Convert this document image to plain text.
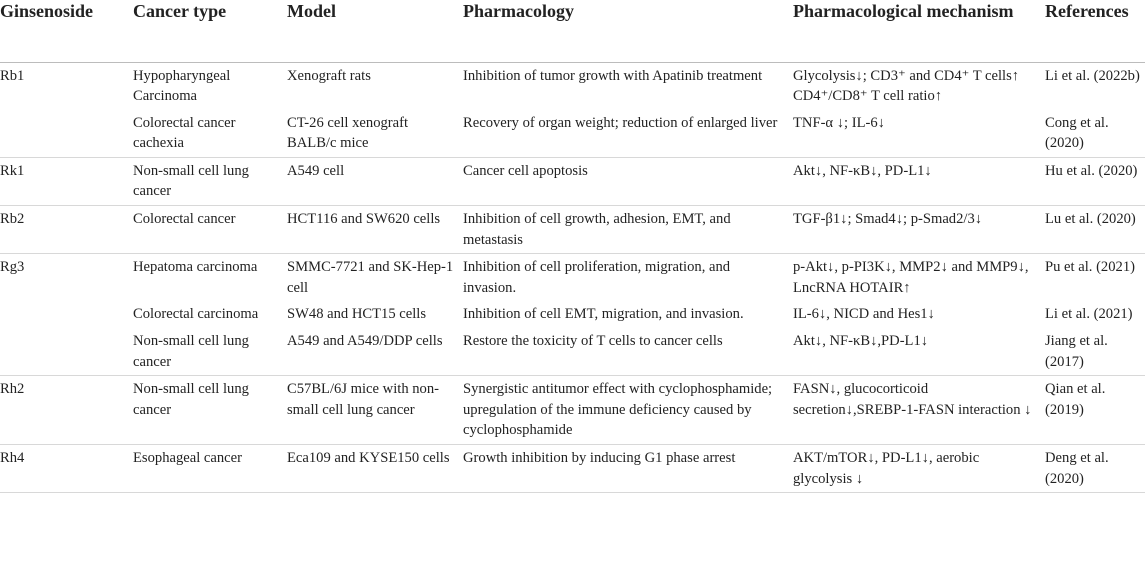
Ginsenoside	Cancer type	Model	Pharmacology	Pharmacological mechanism	References
Rb1	Hypopharyngeal Carcinoma	Xenograft rats	Inhibition of tumor growth with Apatinib treatment	Glycolysis↓; CD3⁺ and CD4⁺ T cells↑ CD4⁺/CD8⁺ T cell ratio↑	Li et al. (2022b)
	Colorectal cancer cachexia	CT-26 cell xenograft BALB/c mice	Recovery of organ weight; reduction of enlarged liver	TNF-α ↓; IL-6↓	Cong et al. (2020)
Rk1	Non-small cell lung cancer	A549 cell	Cancer cell apoptosis	Akt↓, NF-κB↓, PD-L1↓	Hu et al. (2020)
Rb2	Colorectal cancer	HCT116 and SW620 cells	Inhibition of cell growth, adhesion, EMT, and metastasis	TGF-β1↓; Smad4↓; p-Smad2/3↓	Lu et al. (2020)
Rg3	Hepatoma carcinoma	SMMC-7721 and SK-Hep-1 cell	Inhibition of cell proliferation, migration, and invasion.	p-Akt↓, p-PI3K↓, MMP2↓ and MMP9↓, LncRNA HOTAIR↑	Pu et al. (2021)
	Colorectal carcinoma	SW48 and HCT15 cells	Inhibition of cell EMT, migration, and invasion.	IL-6↓, NICD and Hes1↓	Li et al. (2021)
	Non-small cell lung cancer	A549 and A549/DDP cells	Restore the toxicity of T cells to cancer cells	Akt↓, NF-κB↓,PD-L1↓	Jiang et al. (2017)
Rh2	Non-small cell lung cancer	C57BL/6J mice with non-small cell lung cancer	Synergistic antitumor effect with cyclophosphamide; upregulation of the immune deficiency caused by cyclophosphamide	FASN↓, glucocorticoid secretion↓,SREBP-1-FASN interaction ↓	Qian et al. (2019)
Rh4	Esophageal cancer	Eca109 and KYSE150 cells	Growth inhibition by inducing G1 phase arrest	AKT/mTOR↓, PD-L1↓, aerobic glycolysis ↓	Deng et al. (2020)
